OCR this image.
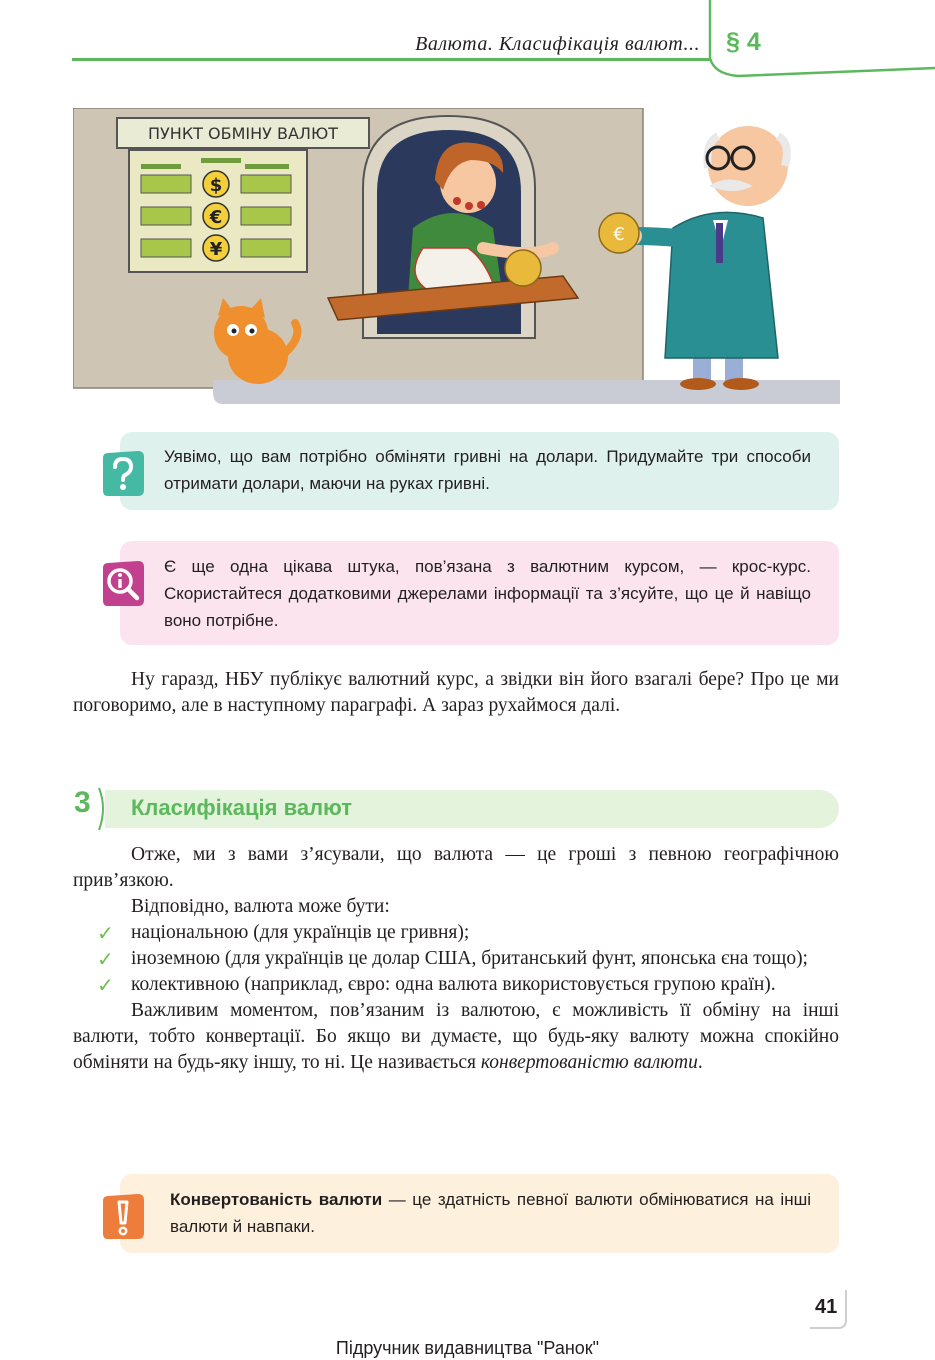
Валюта. Класифікація валют... § 4
ПУНКТ ОБМІНУ ВАЛЮТ
$
€
¥
€

Уявімо, що вам потрібно обміняти гривні на долари. Придумайте три способи отримати долари, маючи на руках гривні.

Є ще одна цікава штука, пов’язана з валютним курсом, — крос-курс. Скористайтеся додатковими джерелами інформації та з’ясуйте, що це й навіщо воно потрібне.

Ну гаразд, НБУ публікує валютний курс, а звідки він його взагалі бере? Про це ми поговоримо, але в наступному параграфі. А зараз рухаймося далі.

3 Класифікація валют

Отже, ми з вами з’ясували, що валюта — це гроші з певною географічною прив’язкою.

Відповідно, валюта може бути:

✓ національною (для українців це гривня);
✓ іноземною (для українців це долар США, британський фунт, японська єна тощо);
✓ колективною (наприклад, євро: одна валюта використовується групою країн).

Важливим моментом, пов’язаним із валютою, є можливість її обміну на інші валюти, тобто конвертації. Бо якщо ви думаєте, що будь-яку валюту можна спокійно обміняти на будь-яку іншу, то ні. Це називається конвертованістю валюти.

Конвертованість валюти — це здатність певної валюти обмінюватися на інші валюти й навпаки.

41
Підручник видавництва "Ранок"
